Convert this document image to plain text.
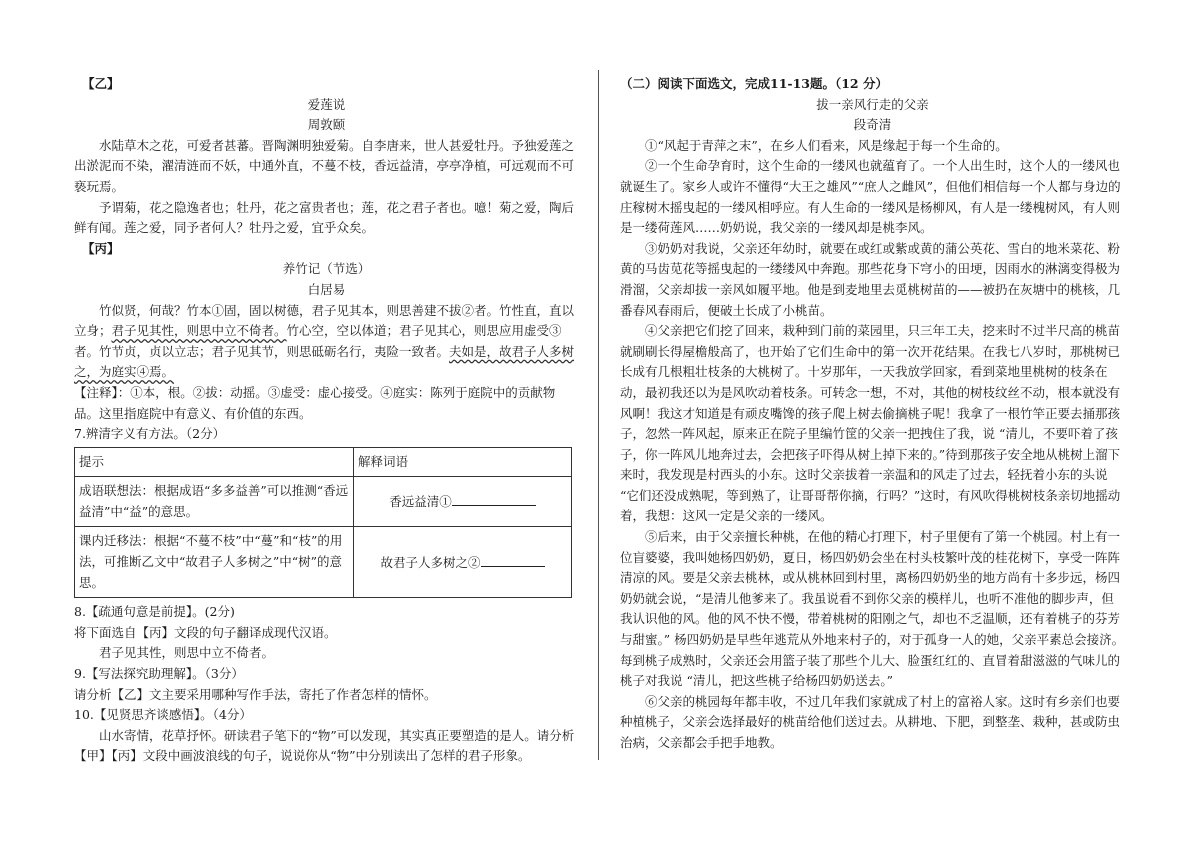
【乙】
爱莲说
周敦颐

水陆草木之花，可爱者甚蕃。晋陶渊明独爱菊。自李唐来，世人甚爱牡丹。予独爱莲之出淤泥而不染，濯清涟而不妖，中通外直，不蔓不枝，香远益清，亭亭净植，可远观而不可亵玩焉。

予谓菊，花之隐逸者也；牡丹，花之富贵者也；莲，花之君子者也。噫！菊之爱，陶后鲜有闻。莲之爱，同予者何人？牡丹之爱，宜乎众矣。

【丙】
养竹记（节选）
白居易

竹似贤，何哉？竹本①固，固以树德，君子见其本，则思善建不拔②者。竹性直，直以立身；君子见其性，则思中立不倚者。竹心空，空以体道；君子见其心，则思应用虚受③者。竹节贞，贞以立志；君子见其节，则思砥砺名行，夷险一致者。夫如是，故君子人多树之，为庭实④焉。

【注释】：①本，根。②拔：动摇。③虚受：虚心接受。④庭实：陈列于庭院中的贡献物品。这里指庭院中有意义、有价值的东西。

7.辨清字义有方法。（2分）

提示	解释词语
成语联想法：根据成语“多多益善”可以推测“香远益清”中“益”的意思。	香远益清①
课内迁移法：根据“不蔓不枝”中“蔓”和“枝”的用法，可推断乙文中“故君子人多树之”中“树”的意思。	故君子人多树之②

8.【疏通句意是前提】。(2分)

将下面选自【丙】文段的句子翻译成现代汉语。

君子见其性，则思中立不倚者。

9.【写法探究助理解】。（3分）

请分析【乙】文主要采用哪种写作手法，寄托了作者怎样的情怀。

10.【见贤思齐谈感悟】。（4分）

山水寄情，花草抒怀。研读君子笔下的“物”可以发现，其实真正要塑造的是人。请分析【甲】【丙】文段中画波浪线的句子，说说你从“物”中分别读出了怎样的君子形象。

（二）阅读下面选文，完成11-13题。（12 分）

拔一亲风行走的父亲

段奇清

①“风起于青萍之末”，在乡人们看来，风是缘起于每一个生命的。

②一个生命孕育时，这个生命的一缕风也就蕴育了。一个人出生时，这个人的一缕风也就诞生了。家乡人或许不懂得“大王之雄风”“庶人之雌风”，但他们相信每一个人都与身边的庄稼树木摇曳起的一缕风相呼应。有人生命的一缕风是杨柳风，有人是一缕槐树风，有人则是一缕荷莲风……奶奶说，我父亲的一缕风却是桃李风。

③奶奶对我说，父亲还年幼时，就要在或红或紫或黄的蒲公英花、雪白的地米菜花、粉黄的马齿苋花等摇曳起的一缕缕风中奔跑。那些花身下穹小的田埂，因雨水的淋漓变得极为滑溜，父亲却拔一亲风如履平地。他是到麦地里去觅桃树苗的——被扔在灰塘中的桃核，几番春风春雨后，便破土长成了小桃苗。

④父亲把它们挖了回来，栽种到门前的菜园里，只三年工夫，挖来时不过半尺高的桃苗就刷刷长得屋檐般高了，也开始了它们生命中的第一次开花结果。在我七八岁时，那桃树已长成有几根粗壮枝条的大桃树了。十岁那年，一天我放学回家，看到菜地里桃树的枝条在动，最初我还以为是风吹动着枝条。可转念一想，不对，其他的树枝纹丝不动，根本就没有风啊！我这才知道是有顽皮嘴馋的孩子爬上树去偷摘桃子呢！我拿了一根竹竿正要去捅那孩子，忽然一阵风起，原来正在院子里编竹筐的父亲一把拽住了我，说 “清儿，不要吓着了孩子，你一阵风儿地奔过去，会把孩子吓得从树上掉下来的。”待到那孩子安全地从桃树上溜下来时，我发现是村西头的小东。这时父亲拔着一亲温和的风走了过去，轻抚着小东的头说 “它们还没成熟呢，等到熟了，让哥哥帮你摘，行吗？”这时，有风吹得桃树枝条亲切地摇动着，我想：这风一定是父亲的一缕风。

⑤后来，由于父亲擅长种桃，在他的精心打理下，村子里便有了第一个桃园。村上有一位盲婆婆，我叫她杨四奶奶，夏日，杨四奶奶会坐在村头枝繁叶茂的桂花树下，享受一阵阵清凉的风。要是父亲去桃林，或从桃林回到村里，离杨四奶奶坐的地方尚有十多步远，杨四奶奶就会说，“是清儿他爹来了。我虽说看不到你父亲的模样儿，也听不准他的脚步声，但我认识他的风。他的风不快不慢，带着桃树的阳刚之气，却也不乏温顺，还有着桃子的芬芳与甜蜜。” 杨四奶奶是早些年逃荒从外地来村子的，对于孤身一人的她，父亲平素总会接济。每到桃子成熟时，父亲还会用篮子装了那些个儿大、脸蛋红红的、直冒着甜滋滋的气味儿的桃子对我说 “清儿，把这些桃子给杨四奶奶送去。”

⑥父亲的桃园每年都丰收，不过几年我们家就成了村上的富裕人家。这时有乡亲们也要种植桃子，父亲会选择最好的桃苗给他们送过去。从耕地、下肥，到整垄、栽种，甚或防虫治病，父亲都会手把手地教。
